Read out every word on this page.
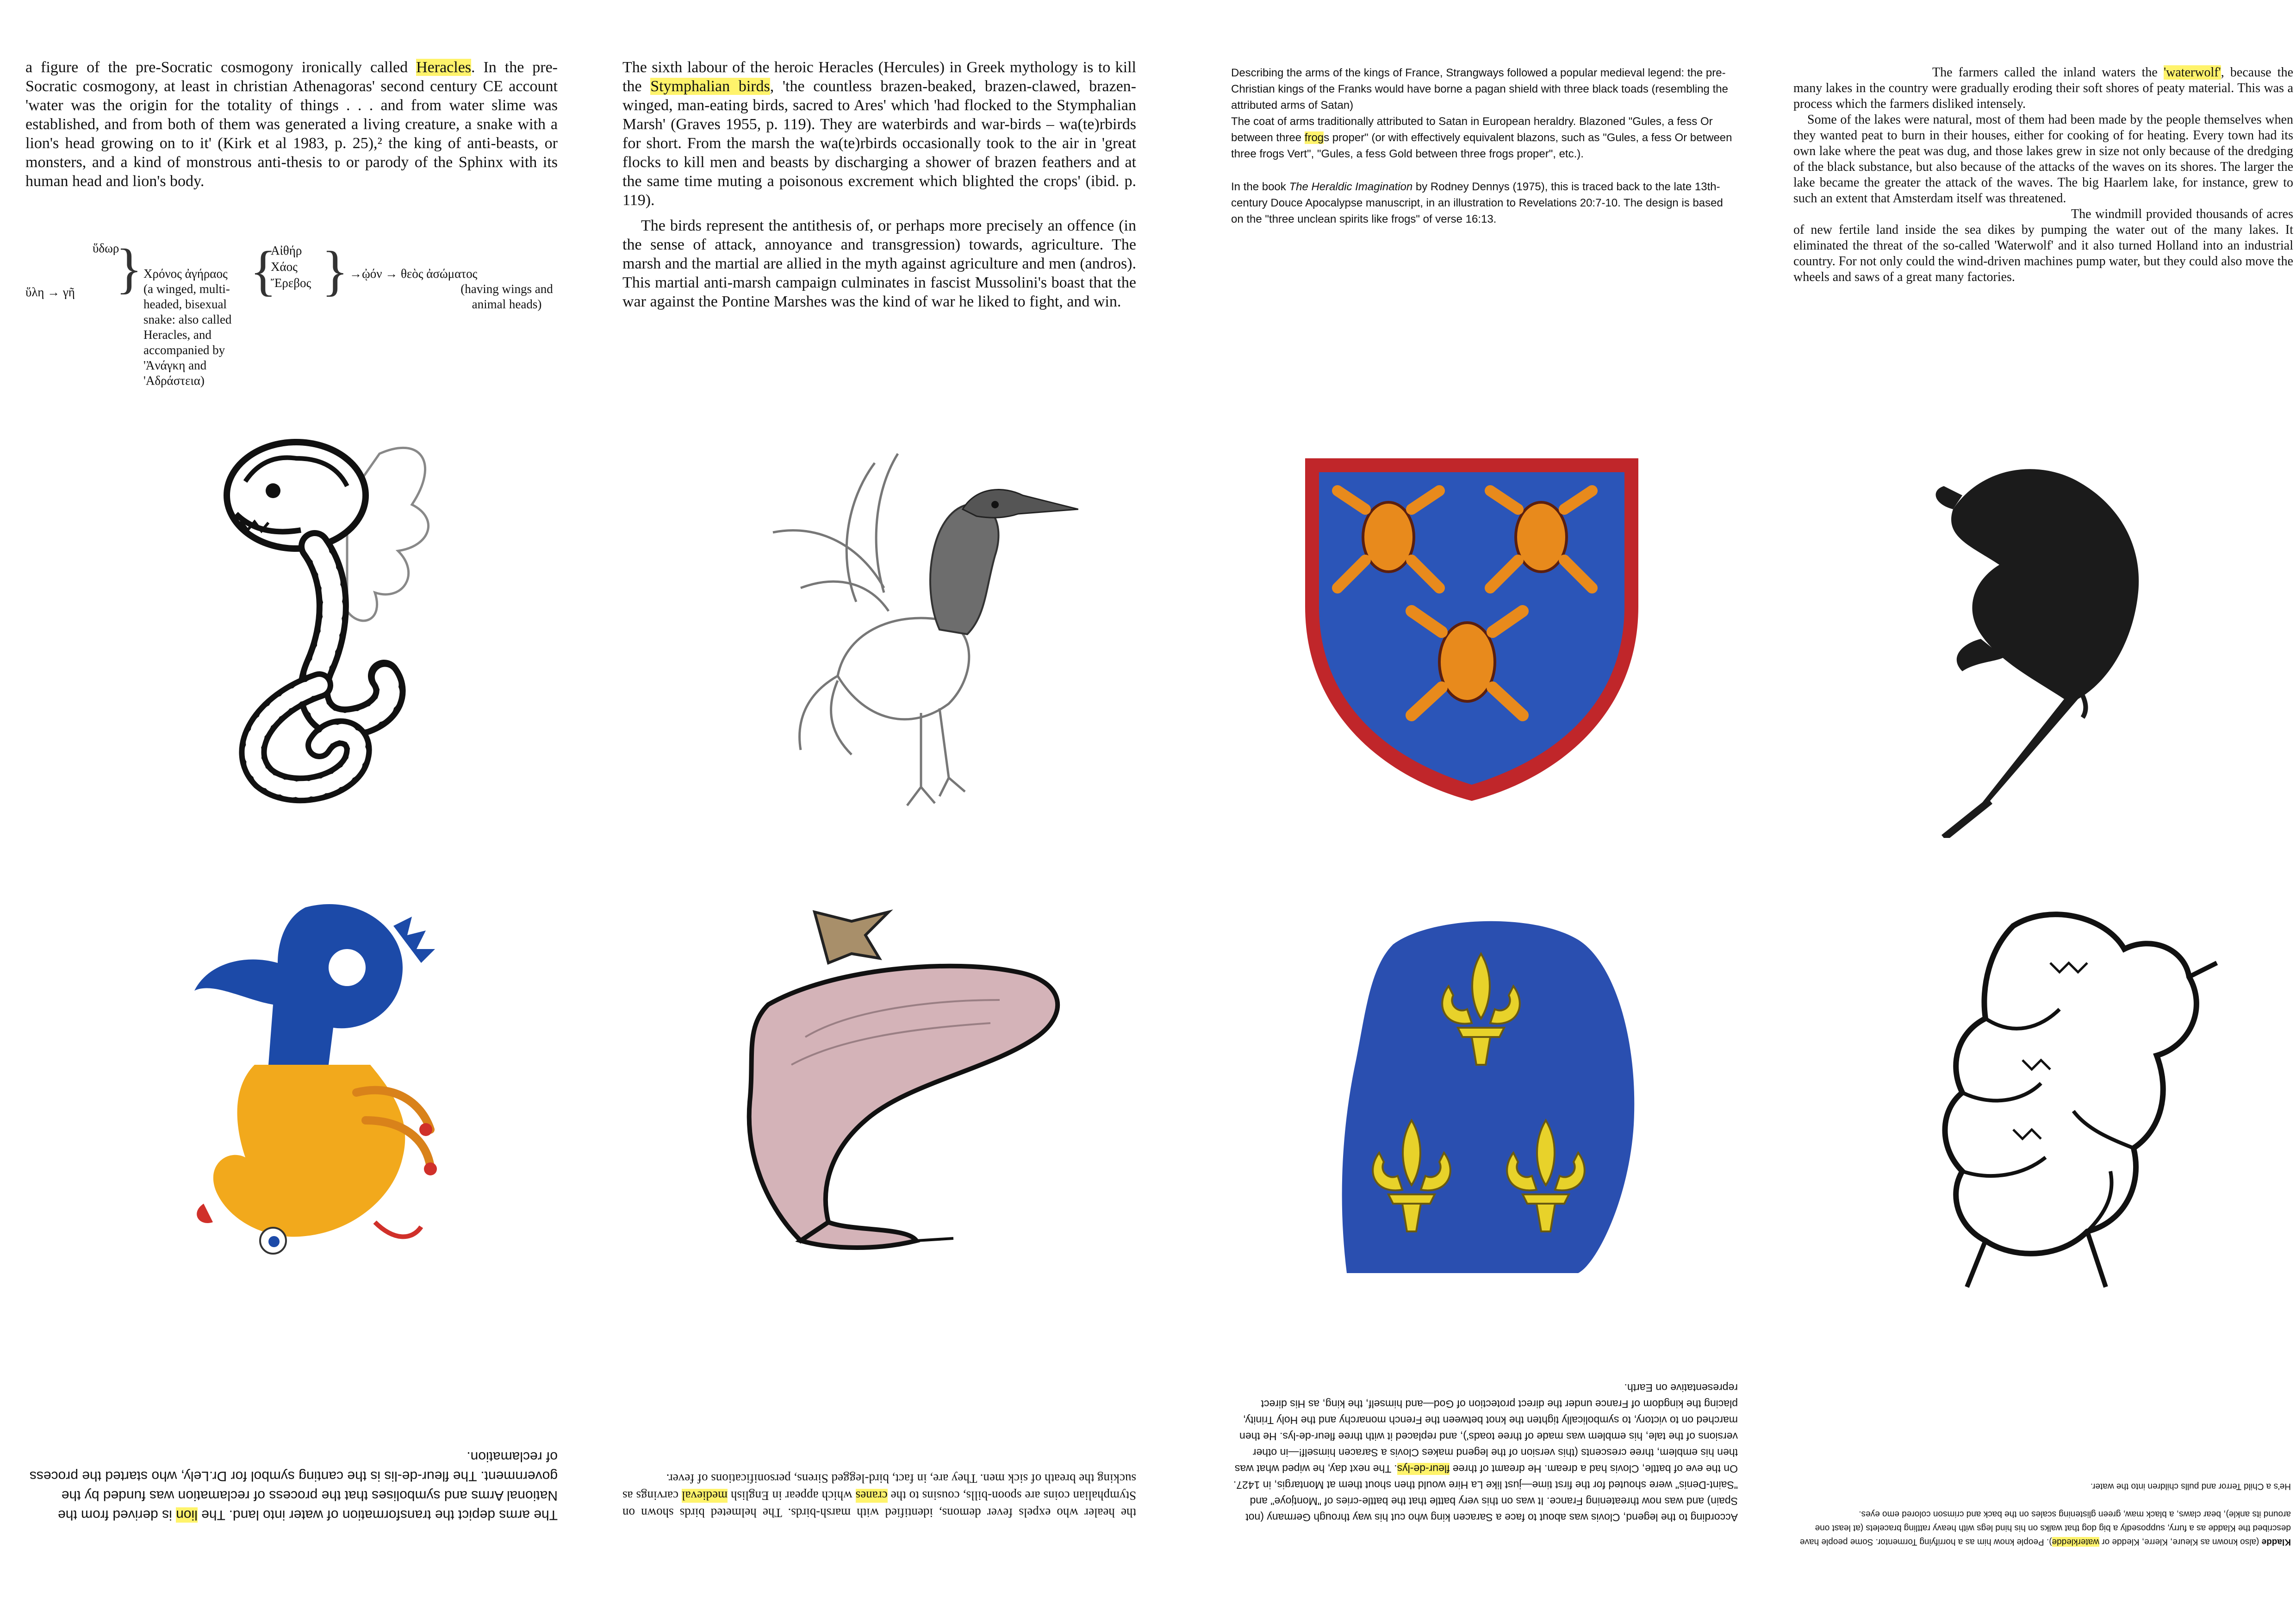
a figure of the pre-Socratic cosmogony ironically called Heracles. In the pre-Socratic cosmogony, at least in christian Athenagoras' second century CE account 'water was the origin for the totality of things . . . and from water slime was established, and from both of them was generated a living creature, a snake with a lion's head growing on to it' (Kirk et al 1983, p. 25),² the king of anti-beasts, or monsters, and a kind of monstrous anti-thesis to or parody of the Sphinx with its human head and lion's body.

ὕδωρ
ὕλη → γῆ } Χρόνος ἀγήραος
(a winged, multi-headed, bisexual snake: also called Heracles, and accompanied by 'Ἀνάγκη and 'Αδράστεια)
{
Αἰθήρ
Χάος
Ἔρεβος } →ᾠόν → θεὸς ἀσώματος
(having wings and animal heads)

The sixth labour of the heroic Heracles (Hercules) in Greek mythology is to kill the Stymphalian birds, 'the countless brazen-beaked, brazen-clawed, brazen-winged, man-eating birds, sacred to Ares' which 'had flocked to the Stymphalian Marsh' (Graves 1955, p. 119). They are waterbirds and war-birds – wa(te)rbirds for short. From the marsh the wa(te)rbirds occasionally took to the air in 'great flocks to kill men and beasts by discharging a shower of brazen feathers and at the same time muting a poisonous excrement which blighted the crops' (ibid. p. 119).

The birds represent the antithesis of, or perhaps more precisely an offence (in the sense of attack, annoyance and transgression) towards, agriculture. The marsh and the martial are allied in the myth against agriculture and men (andros). This martial anti-marsh campaign culminates in fascist Mussolini's boast that the war against the Pontine Marshes was the kind of war he liked to fight, and win.

Describing the arms of the kings of France, Strangways followed a popular medieval legend: the pre-Christian kings of the Franks would have borne a pagan shield with three black toads (resembling the attributed arms of Satan)

The coat of arms traditionally attributed to Satan in European heraldry. Blazoned "Gules, a fess Or between three frogs proper" (or with effectively equivalent blazons, such as "Gules, a fess Or between three frogs Vert", "Gules, a fess Gold between three frogs proper", etc.).

In the book The Heraldic Imagination by Rodney Dennys (1975), this is traced back to the late 13th-century Douce Apocalypse manuscript, in an illustration to Revelations 20:7-10. The design is based on the "three unclean spirits like frogs" of verse 16:13.

The farmers called the inland waters the 'waterwolf', because the many lakes in the country were gradually eroding their soft shores of peaty material. This was a process which the farmers disliked intensely.

Some of the lakes were natural, most of them had been made by the people themselves when they wanted peat to burn in their houses, either for cooking of for heating. Every town had its own lake where the peat was dug, and those lakes grew in size not only because of the dredging of the black substance, but also because of the attacks of the waves on its shores. The larger the lake became the greater the attack of the waves. The big Haarlem lake, for instance, grew to such an extent that Amsterdam itself was threatened.

The windmill provided thousands of acres of new fertile land inside the sea dikes by pumping the water out of the many lakes. It eliminated the threat of the so-called 'Waterwolf' and it also turned Holland into an industrial country. For not only could the wind-driven machines pump water, but they could also move the wheels and saws of a great many factories.

The arms depict the transformation of water into land. The lion is derived from the National Arms and symbolises that the process of reclamation was funded by the government. The fleur-de-lis is the canting symbol for Dr.Lely, who started the process of reclamation.
the healer who expels fever demons, identified with marsh-birds. The helmeted birds shown on Stymphalian coins are spoon-bills, cousins to the cranes which appear in English medieval carvings as sucking the breath of sick men. They are, in fact, bird-legged Sirens, personifications of fever.
According to the legend, Clovis was about to face a Saracen king who cut his way through Germany (not Spain) and was now threatening France. It was on this very battle that the battle-cries of "Montjoye" and "Saint-Denis" were shouted for the first time—just like La Hire would then shout them at Montargis, in 1427. On the eve of battle, Clovis had a dream. He dreamt of three fleur-de-lys. The next day, he wiped what was then his emblem, three crescents (this version of the legend makes Clovis a Saracen himself!—in other versions of the tale, his emblem was made of three toads'), and replaced it with three fleur-de-lys. He then marched on to victory, to symbolically tighten the knot between the French monarchy and the Holy Trinity, placing the kingdom of France under the direct protection of God—and himself, the king, as His direct representative on Earth.
Kladde (also known as Kleure, Klerre, Kledde or waterkledde). People know him as a horrifying Tormentor. Some people have described the Kladde as a furry, supposedly a big dog that walks on his hind legs with heavy rattling bracelets (at least one around its ankle), bear claws, a black maw, green glistening scales on the back and crimson colored emo eyes.
He's a Child Terror and pulls children into the water.
